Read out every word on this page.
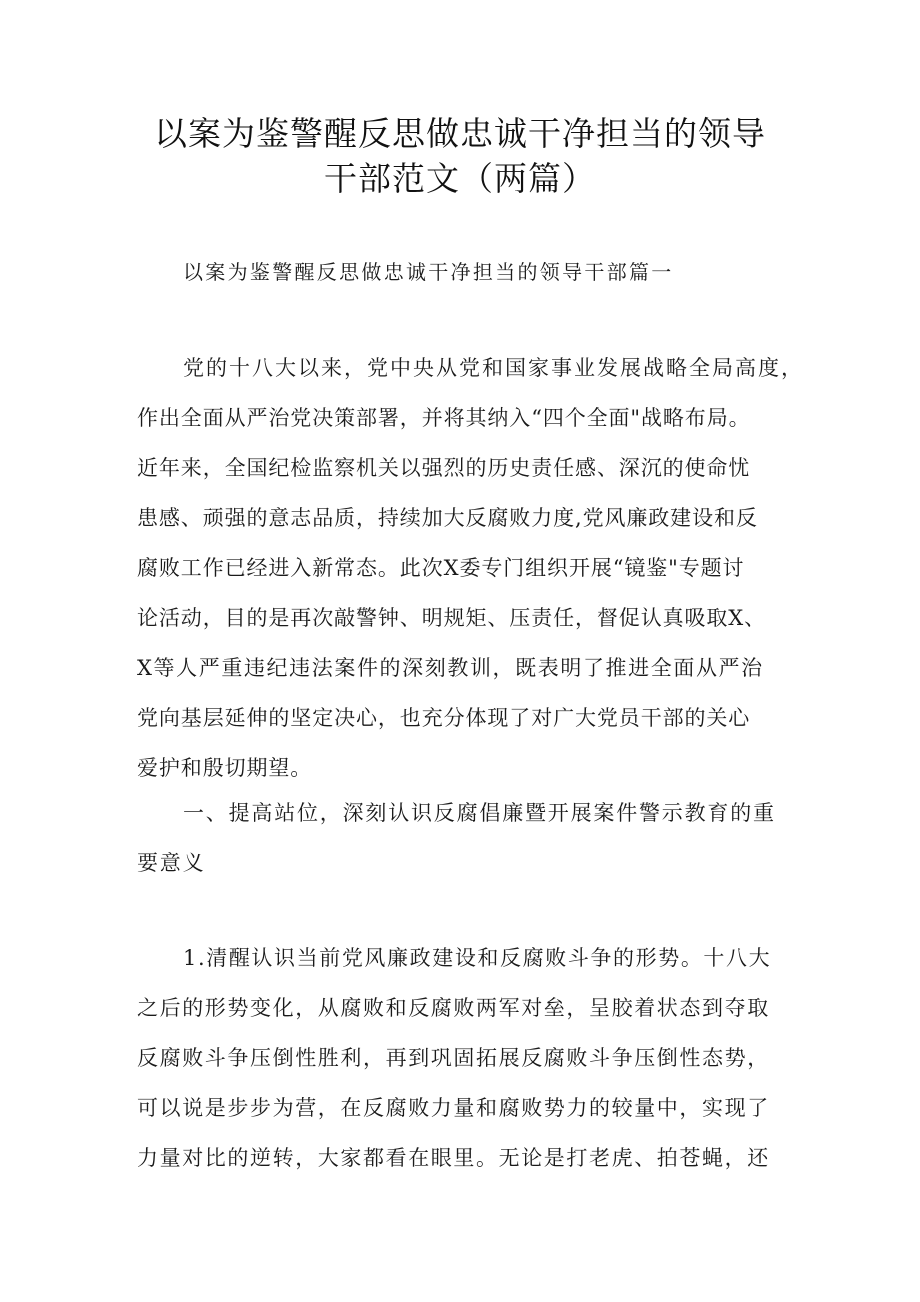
以案为鉴警醒反思做忠诚干净担当的领导
干部范文（两篇）
以案为鉴警醒反思做忠诚干净担当的领导干部篇一
党的十八大以来，党中央从党和国家事业发展战略全局高度，
作出全面从严治党决策部署，并将其纳入“四个全面"战略布局。
近年来，全国纪检监察机关以强烈的历史责任感、深沉的使命忧
患感、顽强的意志品质，持续加大反腐败力度,党风廉政建设和反
腐败工作已经进入新常态。此次X委专门组织开展“镜鉴"专题讨
论活动，目的是再次敲警钟、明规矩、压责任，督促认真吸取X、
X等人严重违纪违法案件的深刻教训，既表明了推进全面从严治
党向基层延伸的坚定决心，也充分体现了对广大党员干部的关心
爱护和殷切期望。
一、提高站位，深刻认识反腐倡廉暨开展案件警示教育的重
要意义
1.清醒认识当前党风廉政建设和反腐败斗争的形势。十八大
之后的形势变化，从腐败和反腐败两军对垒，呈胶着状态到夺取
反腐败斗争压倒性胜利，再到巩固拓展反腐败斗争压倒性态势，
可以说是步步为营，在反腐败力量和腐败势力的较量中，实现了
力量对比的逆转，大家都看在眼里。无论是打老虎、拍苍蝇，还
